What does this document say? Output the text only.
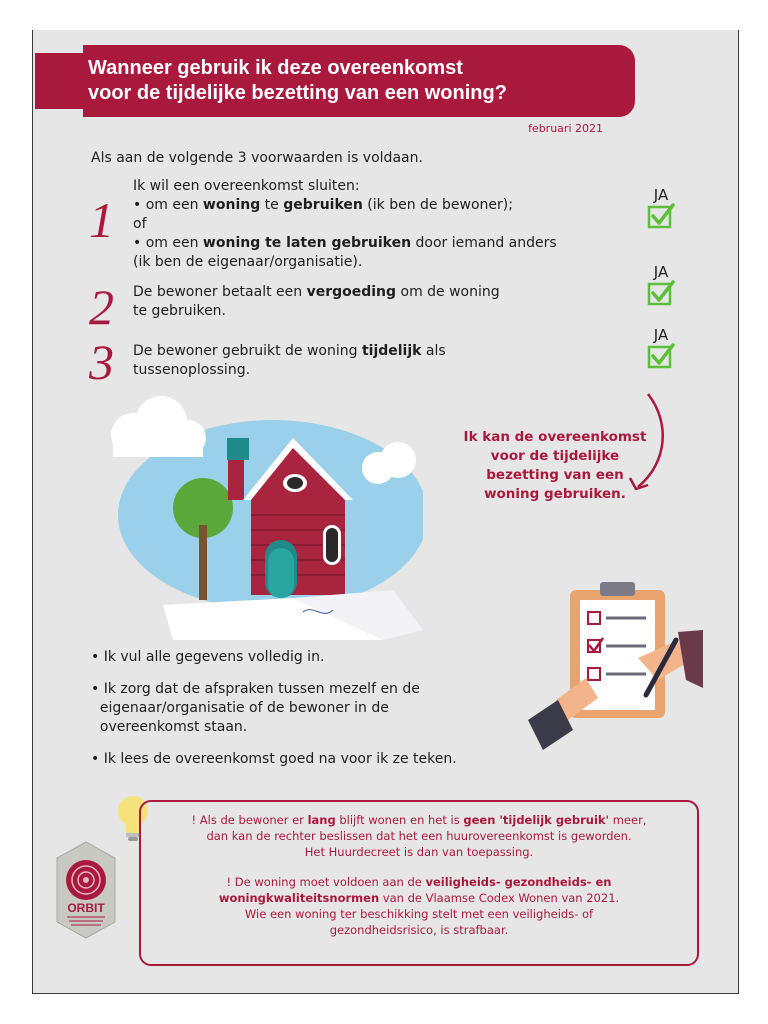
Wanneer gebruik ik deze overeenkomst
voor de tijdelijke bezetting van een woning?
februari 2021
Als aan de volgende 3 voorwaarden is voldaan.
1
Ik wil een overeenkomst sluiten:
• om een woning te gebruiken (ik ben de bewoner);
of
• om een woning te laten gebruiken door iemand anders
(ik ben de eigenaar/organisatie).
JA
2 De bewoner betaalt een vergoeding om de woning
te gebruiken.
JA
3 De bewoner gebruikt de woning tijdelijk als
tussenoplossing.
JA
Ik kan de overeenkomst
voor de tijdelijke
bezetting van een
woning gebruiken.
• Ik vul alle gegevens volledig in.
• Ik zorg dat de afspraken tussen mezelf en de
eigenaar/organisatie of de bewoner in de
overeenkomst staan.
• Ik lees de overeenkomst goed na voor ik ze teken.

! Als de bewoner er lang blijft wonen en het is geen 'tijdelijk gebruik' meer,
dan kan de rechter beslissen dat het een huurovereenkomst is geworden.
Het Huurdecreet is dan van toepassing.

! De woning moet voldoen aan de veiligheids- gezondheids- en
woningkwaliteitsnormen van de Vlaamse Codex Wonen van 2021.
Wie een woning ter beschikking stelt met een veiligheids- of
gezondheidsrisico, is strafbaar.

ORBIT
